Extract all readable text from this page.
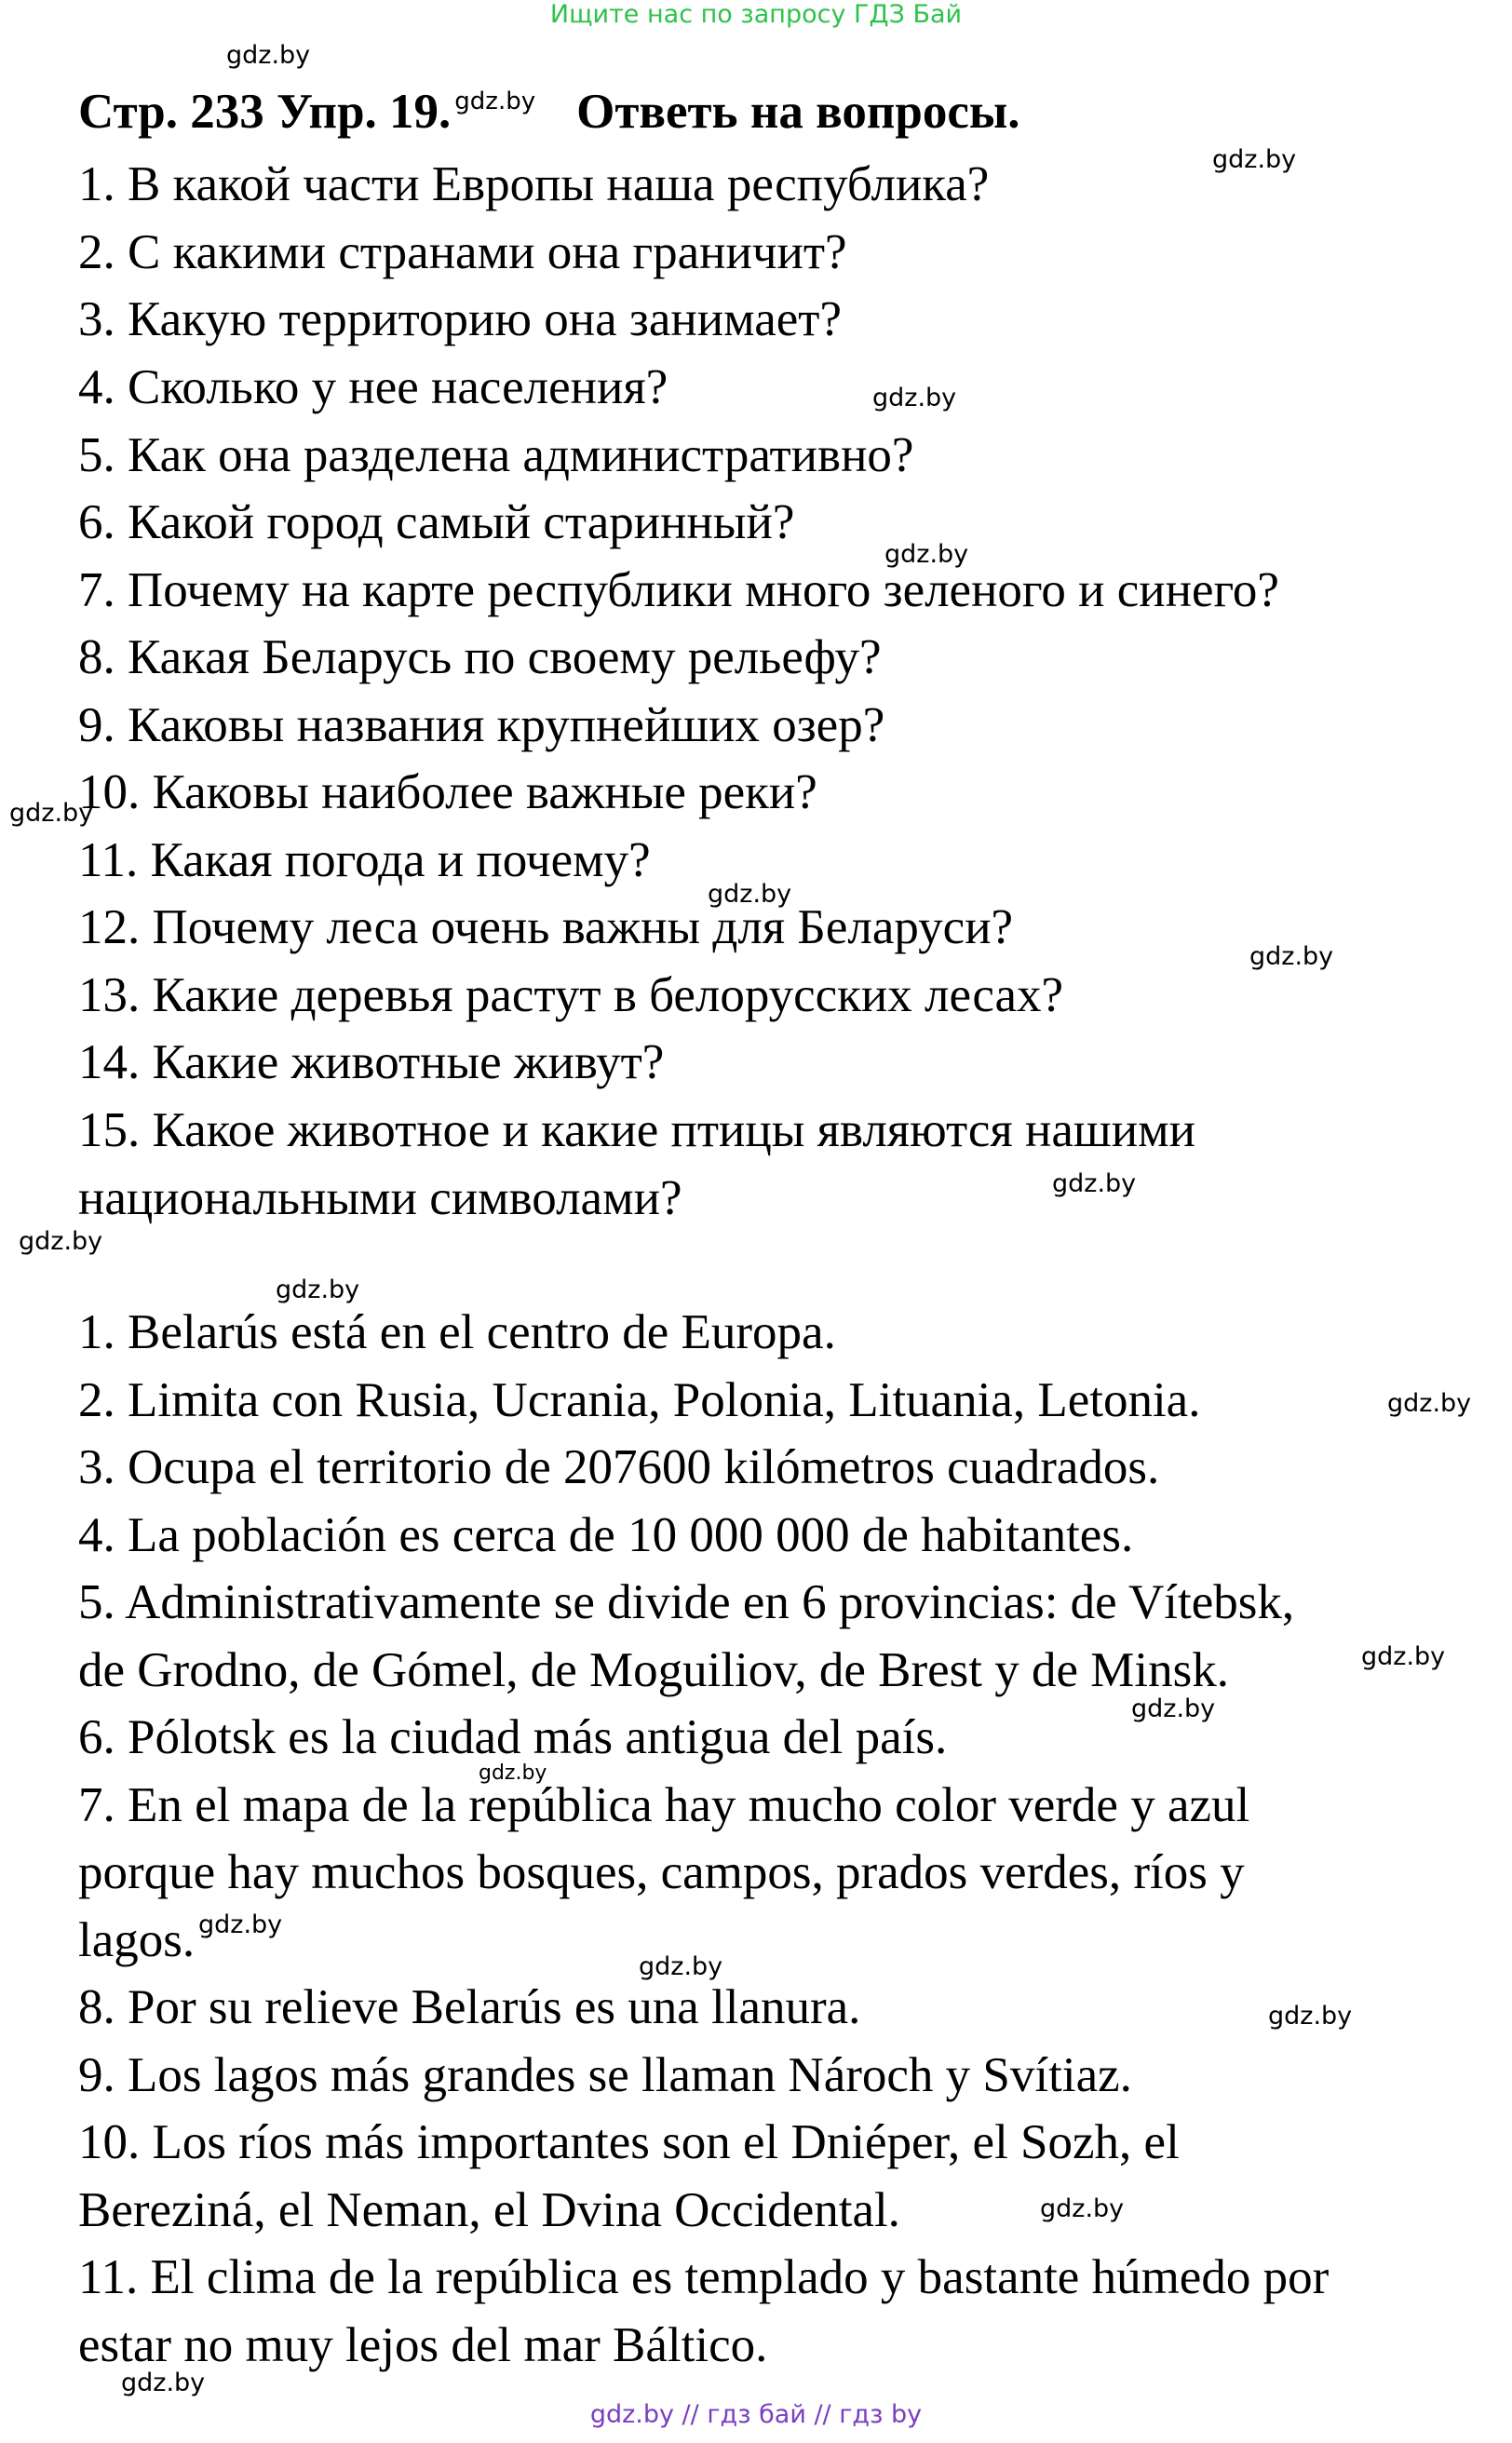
Ищите нас по запросу ГДЗ Бай
Стр. 233 Упр. 19. $^{gdz.by}$ Ответь на вопросы.
1. В какой части Европы наша республика?
2. С какими странами она граничит?
3. Какую территорию она занимает?
4. Сколько у нее населения?
5. Как она разделена административно?
6. Какой город самый старинный?
7. Почему на карте республики много зеленого и синего?
8. Какая Беларусь по своему рельефу?
9. Каковы названия крупнейших озер?
10. Каковы наиболее важные реки?
11. Какая погода и почему?
12. Почему леса очень важны для Беларуси?
13. Какие деревья растут в белорусских лесах?
14. Какие животные живут?
15. Какое животное и какие птицы являются нашими
национальными символами?
1. Belarús está en el centro de Europa.
2. Limita con Rusia, Ucrania, Polonia, Lituania, Letonia.
3. Ocupa el territorio de 207600 kilómetros cuadrados.
4. La población es cerca de 10 000 000 de habitantes.
5. Administrativamente se divide en 6 provincias: de Vítebsk,
de Grodno, de Gómel, de Moguiliov, de Brest y de Minsk.
6. Pólotsk es la ciudad más antigua del país.
7. En el mapa de la república hay mucho color verde y azul
porque hay muchos bosques, campos, prados verdes, ríos y
lagos.
8. Por su relieve Belarús es una llanura.
9. Los lagos más grandes se llaman Nároch y Svítiaz.
10. Los ríos más importantes son el Dniéper, el Sozh, el
Bereziná, el Neman, el Dvina Occidental.
11. El clima de la república es templado y bastante húmedo por
estar no muy lejos del mar Báltico.
gdz.by
gdz.by
gdz.by
gdz.by
gdz.by
gdz.by
gdz.by
gdz.by
gdz.by
gdz.by
gdz.by
gdz.by
gdz.by
gdz.by
gdz.by
gdz.by
gdz.by
gdz.by
gdz.by
gdz.by // гдз бай // гдз by
